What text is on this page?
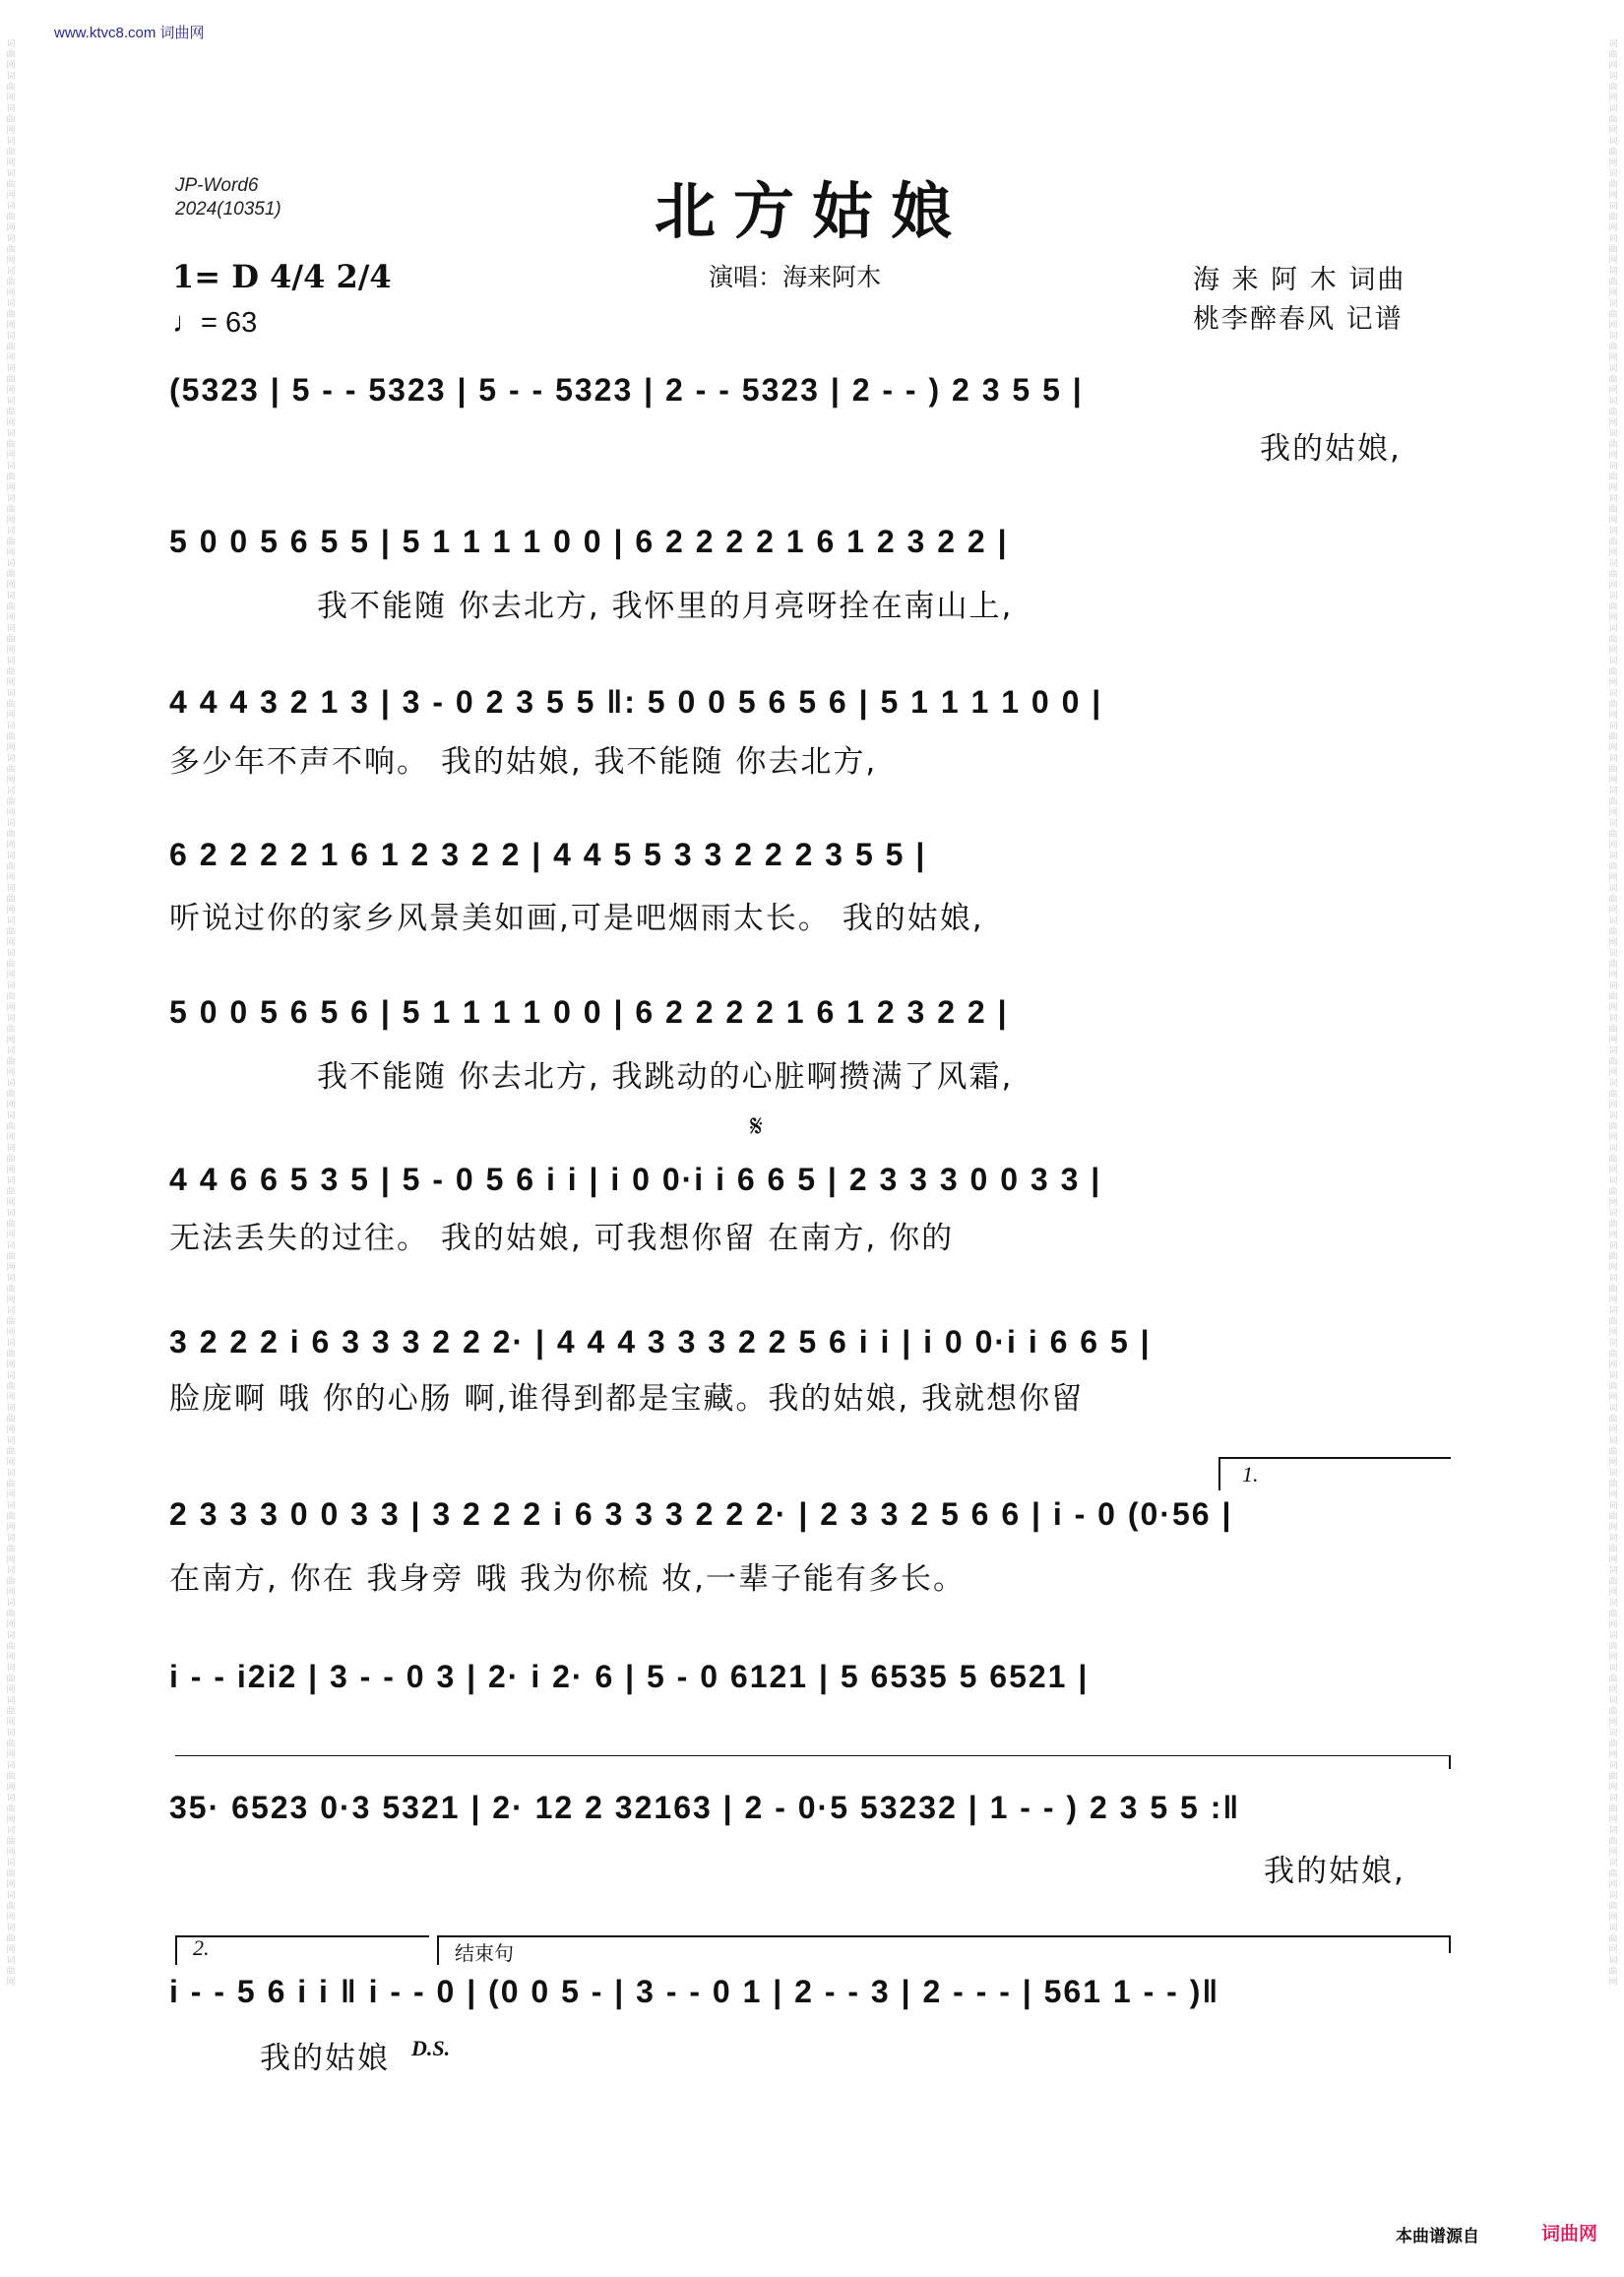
www.ktvc8.com 词曲网
词曲网词曲网词曲网词曲网词曲网词曲网词曲网词曲网词曲网词曲网词曲网词曲网词曲网词曲网词曲网词曲网词曲网词曲网词曲网词曲网词曲网词曲网词曲网词曲网词曲网词曲网词曲网词曲网词曲网词曲网词曲网词曲网词曲网词曲网词曲网词曲网词曲网词曲网词曲网词曲网词曲网词曲网词曲网词曲网词曲网词曲网词曲网词曲网词曲网词曲网词曲网词曲网词曲网词曲网词曲网词曲网词曲网词曲网词曲网词曲网
词曲网词曲网词曲网词曲网词曲网词曲网词曲网词曲网词曲网词曲网词曲网词曲网词曲网词曲网词曲网词曲网词曲网词曲网词曲网词曲网词曲网词曲网词曲网词曲网词曲网词曲网词曲网词曲网词曲网词曲网词曲网词曲网词曲网词曲网词曲网词曲网词曲网词曲网词曲网词曲网词曲网词曲网词曲网词曲网词曲网词曲网词曲网词曲网词曲网词曲网词曲网词曲网词曲网词曲网词曲网词曲网词曲网词曲网词曲网词曲网
JP-Word6
2024(10351)	北方姑娘
演唱：海来阿木	海 来 阿 木 词曲
桃李醉春风 记谱
1= D 4/4 2/4
♩= 63
(5323 | 5 - - 5323 | 5 - - 5323 | 2 - - 5323 | 2 - - ) 2 3 5 5 |
我的姑娘,
5 0 0 5 6 5 5 | 5 1 1 1 1 0 0 | 6 2 2 2 2 1 6 1 2 3 2 2 |
我不能随 你去北方, 我怀里的月亮呀拴在南山上,
4 4 4 3 2 1 3 | 3 - 0 2 3 5 5 ‖: 5 0 0 5 6 5 6 | 5 1 1 1 1 0 0 |
多少年不声不响。 我的姑娘, 我不能随 你去北方,
6 2 2 2 2 1 6 1 2 3 2 2 | 4 4 5 5 3 3 2 2 2 3 5 5 |
听说过你的家乡风景美如画,可是吧烟雨太长。 我的姑娘,
5 0 0 5 6 5 6 | 5 1 1 1 1 0 0 | 6 2 2 2 2 1 6 1 2 3 2 2 |
我不能随 你去北方, 我跳动的心脏啊攒满了风霜,
𝄋
4 4 6 6 5 3 5 | 5 - 0 5 6 i i | i 0 0·i i 6 6 5 | 2 3 3 3 0 0 3 3 |
无法丢失的过往。 我的姑娘, 可我想你留 在南方, 你的
3 2 2 2 i 6 3 3 3 2 2 2· | 4 4 4 3 3 3 2 2 5 6 i i | i 0 0·i i 6 6 5 |
脸庞啊 哦 你的心肠 啊,谁得到都是宝藏。我的姑娘, 我就想你留
1.
2 3 3 3 0 0 3 3 | 3 2 2 2 i 6 3 3 3 2 2 2· | 2 3 3 2 5 6 6 | i - 0 (0·56 |
在南方, 你在 我身旁 哦 我为你梳 妆,一辈子能有多长。
i - - i2i2 | 3 - - 0 3 | 2· i 2· 6 | 5 - 0 6121 | 5 6535 5 6521 |
35· 6523 0·3 5321 | 2· 12 2 32163 | 2 - 0·5 53232 | 1 - - ) 2 3 5 5 :‖
我的姑娘,
2.	结束句
i - - 5 6 i i ‖ i - - 0 | (0 0 5 - | 3 - - 0 1 | 2 - - 3 | 2 - - - | 561 1 - - )‖
我的姑娘 D.S.
本曲谱源自	词曲网
